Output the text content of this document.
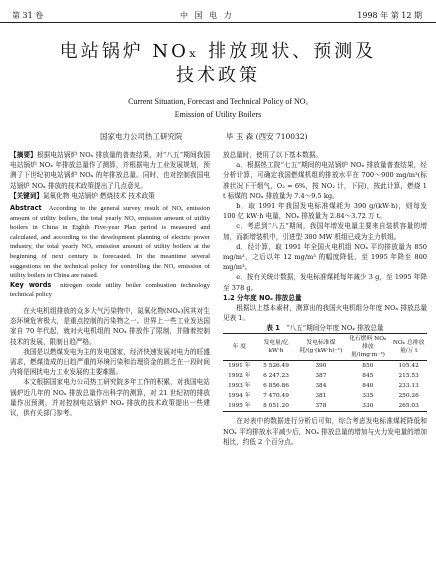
第 31 卷	中 国 电 力	1998 年 第 12 期
电站锅炉 NOₓ 排放现状、预测及
技术政策
Current Situation, Forecast and Technical Policy of NOₓ
Emission of Utility Boilers
国家电力公司热工研究院	毕 玉 森 (西安 710032)

【摘要】根据电站锅炉 NOₓ 排放量的普查结果，对“八五”期间我国电站锅炉 NOₓ 年排放总量作了测算，并根据电力工业发展规划，预测了下世纪初电站锅炉 NOₓ 的年排放总量。同时，也对控制我国电站锅炉 NOₓ 排放的技术政策提出了几点意见。

【关键词】氮氧化物 电站锅炉 燃烧技术 技术政策

Abstract According to the general survey result of NOₓ emission amount of utility boilers, the total yearly NOₓ emission amount of utility boilers in China in Eighth Five-year Plan period is measured and calculated, and according to the development planning of electric power industry, the total yearly NOₓ emission amount of utility boilers at the beginning of next century is forecasted. In the meantime several suggestions on the technical policy for controlling the NOₓ emission of utility boilers in China are raised.

Key words nitrogen oxide utility boiler combustion technology technical policy

在火电机组排放的众多大气污染物中，氮氧化物(NOₓ)因其对生态环境危害极大，是重点控制的污染物之一。世界上一些工业发达国家自 70 年代起，就对火电机组的 NOₓ 排放作了限制，并随着控制技术的发展，限制日趋严格。

我国是以燃煤发电为主的发电国家，经济快速发展对电力的旺盛需求，燃煤造成的日趋严重的环境污染和治理资金的匮乏在一段时间内将是困扰电力工业发展的主要难题。

本文根据国家电力公司热工研究院多年工作的积累，对我国电站锅炉近几年的 NOₓ 排放总量作出科学的测算，对 21 世纪初的排放量作出预测，并对控制电站锅炉 NOₓ 排放的技术政策提出一些建议，供有关部门参考。

放总量时，使用了以下基本数据。

a．根据热工院“七五”期间的电站锅炉 NOₓ 排放量普查结果，经分析计算，可确定我国燃煤机组的排放水平在 700～900 mg/m³(标准状况下干烟气，O₂ = 6%，按 NO₂ 计，下同)，按此计算，燃烧 1 t 标煤的 NOₓ 排放量为 7.4～9.5 kg。

b．取 1991 年我国发电标准煤耗为 390 g/(kW·h)，则每发 100 亿 kW·h 电量，NOₓ 排放量为 2.84～3.72 万 t。

c．考虑到“八五”期间，我国年增发电量主要来自装机容量的增加，而新增装机中，引进型 300 MW 机组已成为主力机组。

d．经计算，取 1991 年全国火电机组 NOₓ 平均排放量为 850 mg/m³，之后以年 12 mg/m³ 的幅度降低，至 1995 年降至 800 mg/m³。

e．按有关统计数据，发电标准煤耗每年减少 3 g，至 1995 年降至 378 g。

1.2 分年度 NOₓ 排放总量

根据以上基本素材，测算出的我国火电机组分年度 NOₓ 排放总量见表 1。

表 1 “八五”期间分年度 NOₓ 排放总量

年 度	发电量/亿 kW·h	发电标准煤耗/(g·(kW·h)⁻¹)	化石燃料 NOₓ 排放量/(mg·m⁻³)	NOₓ 总排放量/万 t
1991 年	5 526.49	390	850	105.42
1992 年	6 247.23	387	845	215.53
1993 年	6 856.86	384	840	233.13
1994 年	7 470.49	381	335	250.26
1995 年	8 051.20	378	330	265.03

在对表中的数据进行分析后可知，综合考虑发电标准煤耗降低和 NOₓ 平均排放水平减少后，NOₓ 排放总量的增加与火力发电量的增加相比，约低 2 个百分点。
